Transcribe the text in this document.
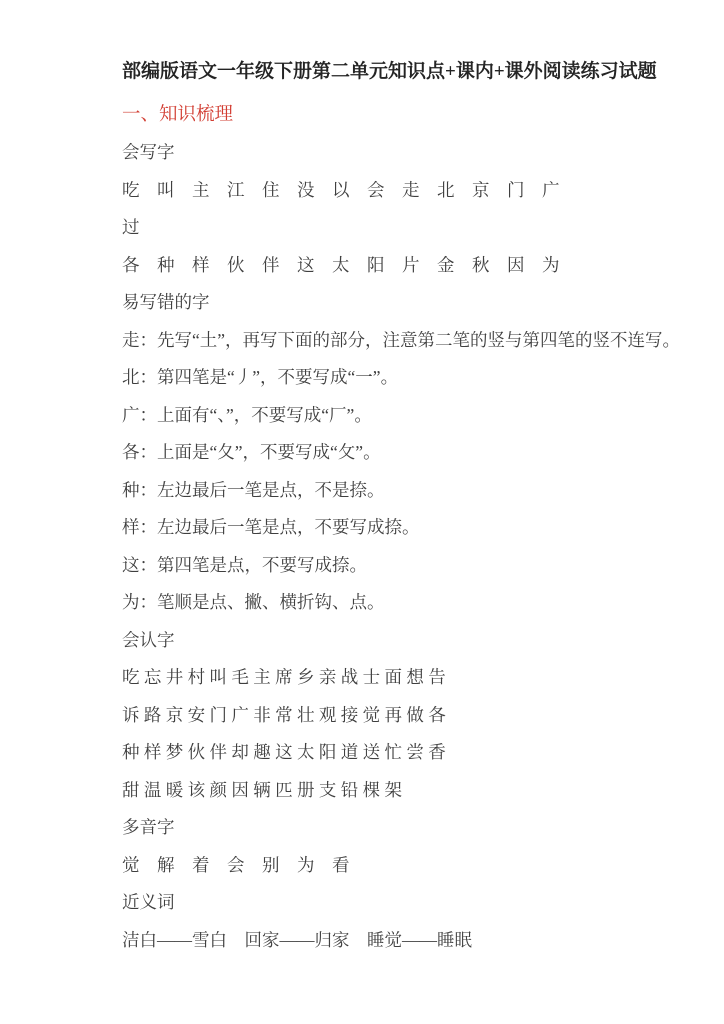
部编版语文一年级下册第二单元知识点+课内+课外阅读练习试题

一、知识梳理

会写字

吃　叫　主　江　住　没　以　会　走　北　京　门　广

过

各　种　样　伙　伴　这　太　阳　片　金　秋　因　为

易写错的字

走：先写“土”，再写下面的部分，注意第二笔的竖与第四笔的竖不连写。

北：第四笔是“丿”，不要写成“一”。

广：上面有“、”，不要写成“厂”。

各：上面是“夂”，不要写成“攵”。

种：左边最后一笔是点，不是捺。

样：左边最后一笔是点，不要写成捺。

这：第四笔是点，不要写成捺。

为：笔顺是点、撇、横折钩、点。

会认字

吃 忘 井 村 叫 毛 主 席 乡 亲 战 士 面 想 告

诉 路 京 安 门 广 非 常 壮 观 接 觉 再 做 各

种 样 梦 伙 伴 却 趣 这 太 阳 道 送 忙 尝 香

甜 温 暖 该 颜 因 辆 匹 册 支 铅 棵 架

多音字

觉　解　着　会　别　为　看

近义词

洁白——雪白　回家——归家　睡觉——睡眠
